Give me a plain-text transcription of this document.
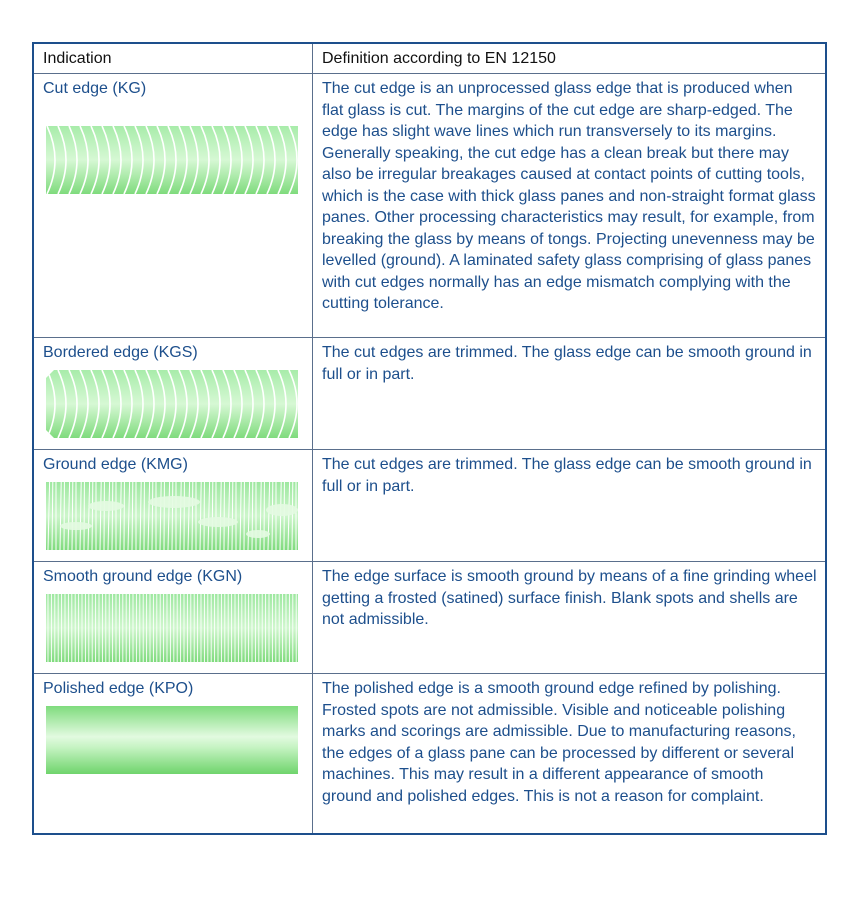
Indication	Definition according to EN 12150
Cut edge (KG)	The cut edge is an unprocessed glass edge that is produced when flat glass is cut. The margins of the cut edge are sharp-edged. The edge has slight wave lines which run transversely to its margins. Generally speaking, the cut edge has a clean break but there may also be irregular breakages caused at contact points of cutting tools, which is the case with thick glass panes and non-straight format glass panes. Other processing characteristics may result, for example, from breaking the glass by means of tongs. Projecting unevenness may be levelled (ground). A laminated safety glass comprising of glass panes with cut edges normally has an edge mismatch complying with the cutting tolerance.

Bordered edge (KGS)	The cut edges are trimmed. The glass edge can be smooth ground in full or in part.

Ground edge (KMG)	The cut edges are trimmed. The glass edge can be smooth ground in full or in part.

Smooth ground edge (KGN)	The edge surface is smooth ground by means of a fine grinding wheel getting a frosted (satined) surface finish. Blank spots and shells are not admissible.

Polished edge (KPO)	The polished edge is a smooth ground edge refined by polishing. Frosted spots are not admissible. Visible and noticeable polishing marks and scorings are admissible. Due to manufacturing reasons, the edges of a glass pane can be processed by different or several machines. This may result in a different appearance of smooth ground and polished edges. This is not a reason for complaint.
